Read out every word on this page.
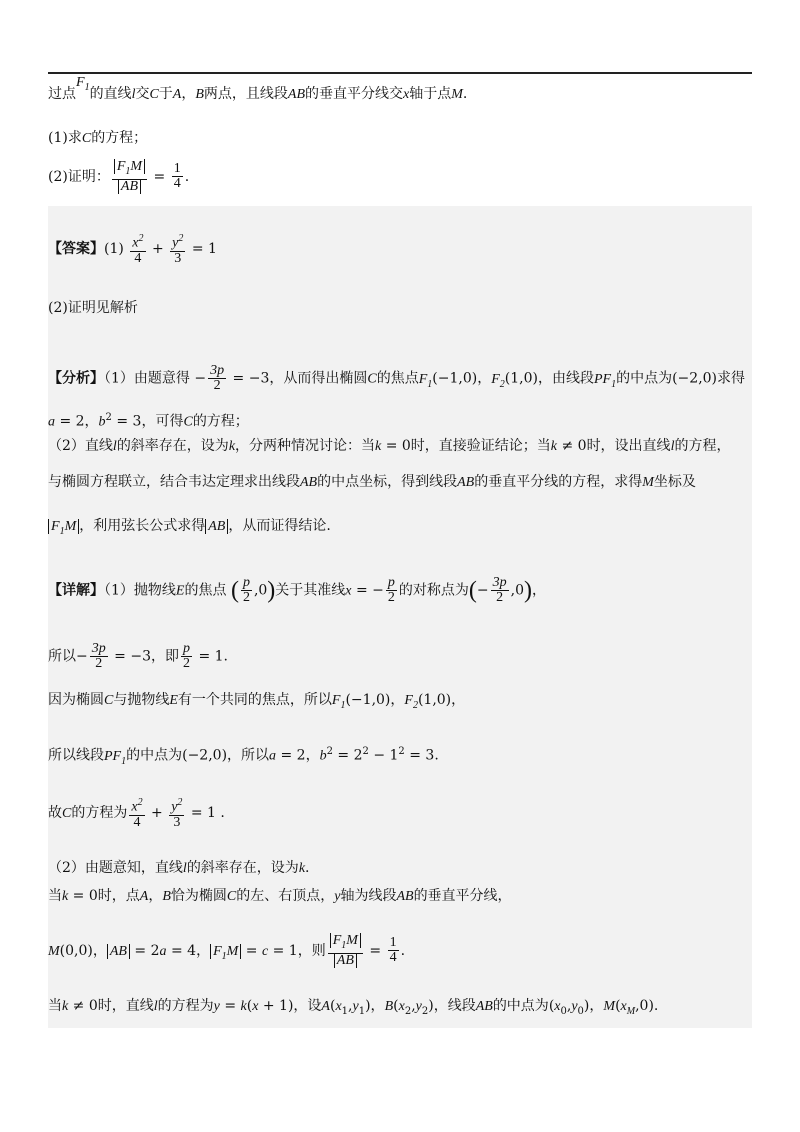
过点$F_1$的直线l交C于A，B两点，且线段AB的垂直平分线交x轴于点M.
(1)求C的方程；
(2)证明： $\frac{F_1M}{AB} = \frac{1}{4}$ .
【答案】$(1) \frac{x^2}{4} + \frac{y^2}{3} = 1$
(2)证明见解析
【分析】（1）由题意得 − $\frac{3p}{2} = -3$，从而得出椭圆C的焦点$F_1(-1,0)$，$F_2(1,0)$，由线段$PF_1$的中点为(−2,0)求得
a = 2，$b^2 = 3$，可得C的方程；
（2）直线l的斜率存在，设为k，分两种情况讨论：当k = 0时，直接验证结论；当k ≠ 0时，设出直线l的方程，
与椭圆方程联立，结合韦达定理求出线段AB的中点坐标，得到线段AB的垂直平分线的方程，求得M坐标及
$F_1M$ ，利用弦长公式求得 AB ，从而证得结论.
【详解】（1）抛物线E的焦点 ( $\frac{p}{2} ,0$)关于其准线x = − $\frac{p}{2}$ 的对称点为(− $\frac{3p}{2} ,0$)，
所以− $\frac{3p}{2} = -3$，即 $\frac{p}{2} = 1$.
因为椭圆C与抛物线E有一个共同的焦点，所以$F_1(-1,0)$，$F_2(1,0)$，
所以线段$PF_1$的中点为(−2,0)，所以a = 2，$b^2 = 2^2 - 1^2 = 3$.
故C的方程为 $\frac{x^2}{4} + \frac{y^2}{3} = 1$ .
（2）由题意知，直线l的斜率存在，设为k.
当k = 0时，点A，B恰为椭圆C的左、右顶点，y轴为线段AB的垂直平分线，
M(0,0)， AB = 2a = 4， $F_1M = c = 1$，则 $\frac{F_1M}{AB} = \frac{1}{4}$ .
当k ≠ 0时，直线l的方程为y = k(x + 1)，设$A(x_1,y_1)$，$B(x_2,y_2)$，线段AB的中点为$(x_0,y_0)$，$M(x_M,0)$.
